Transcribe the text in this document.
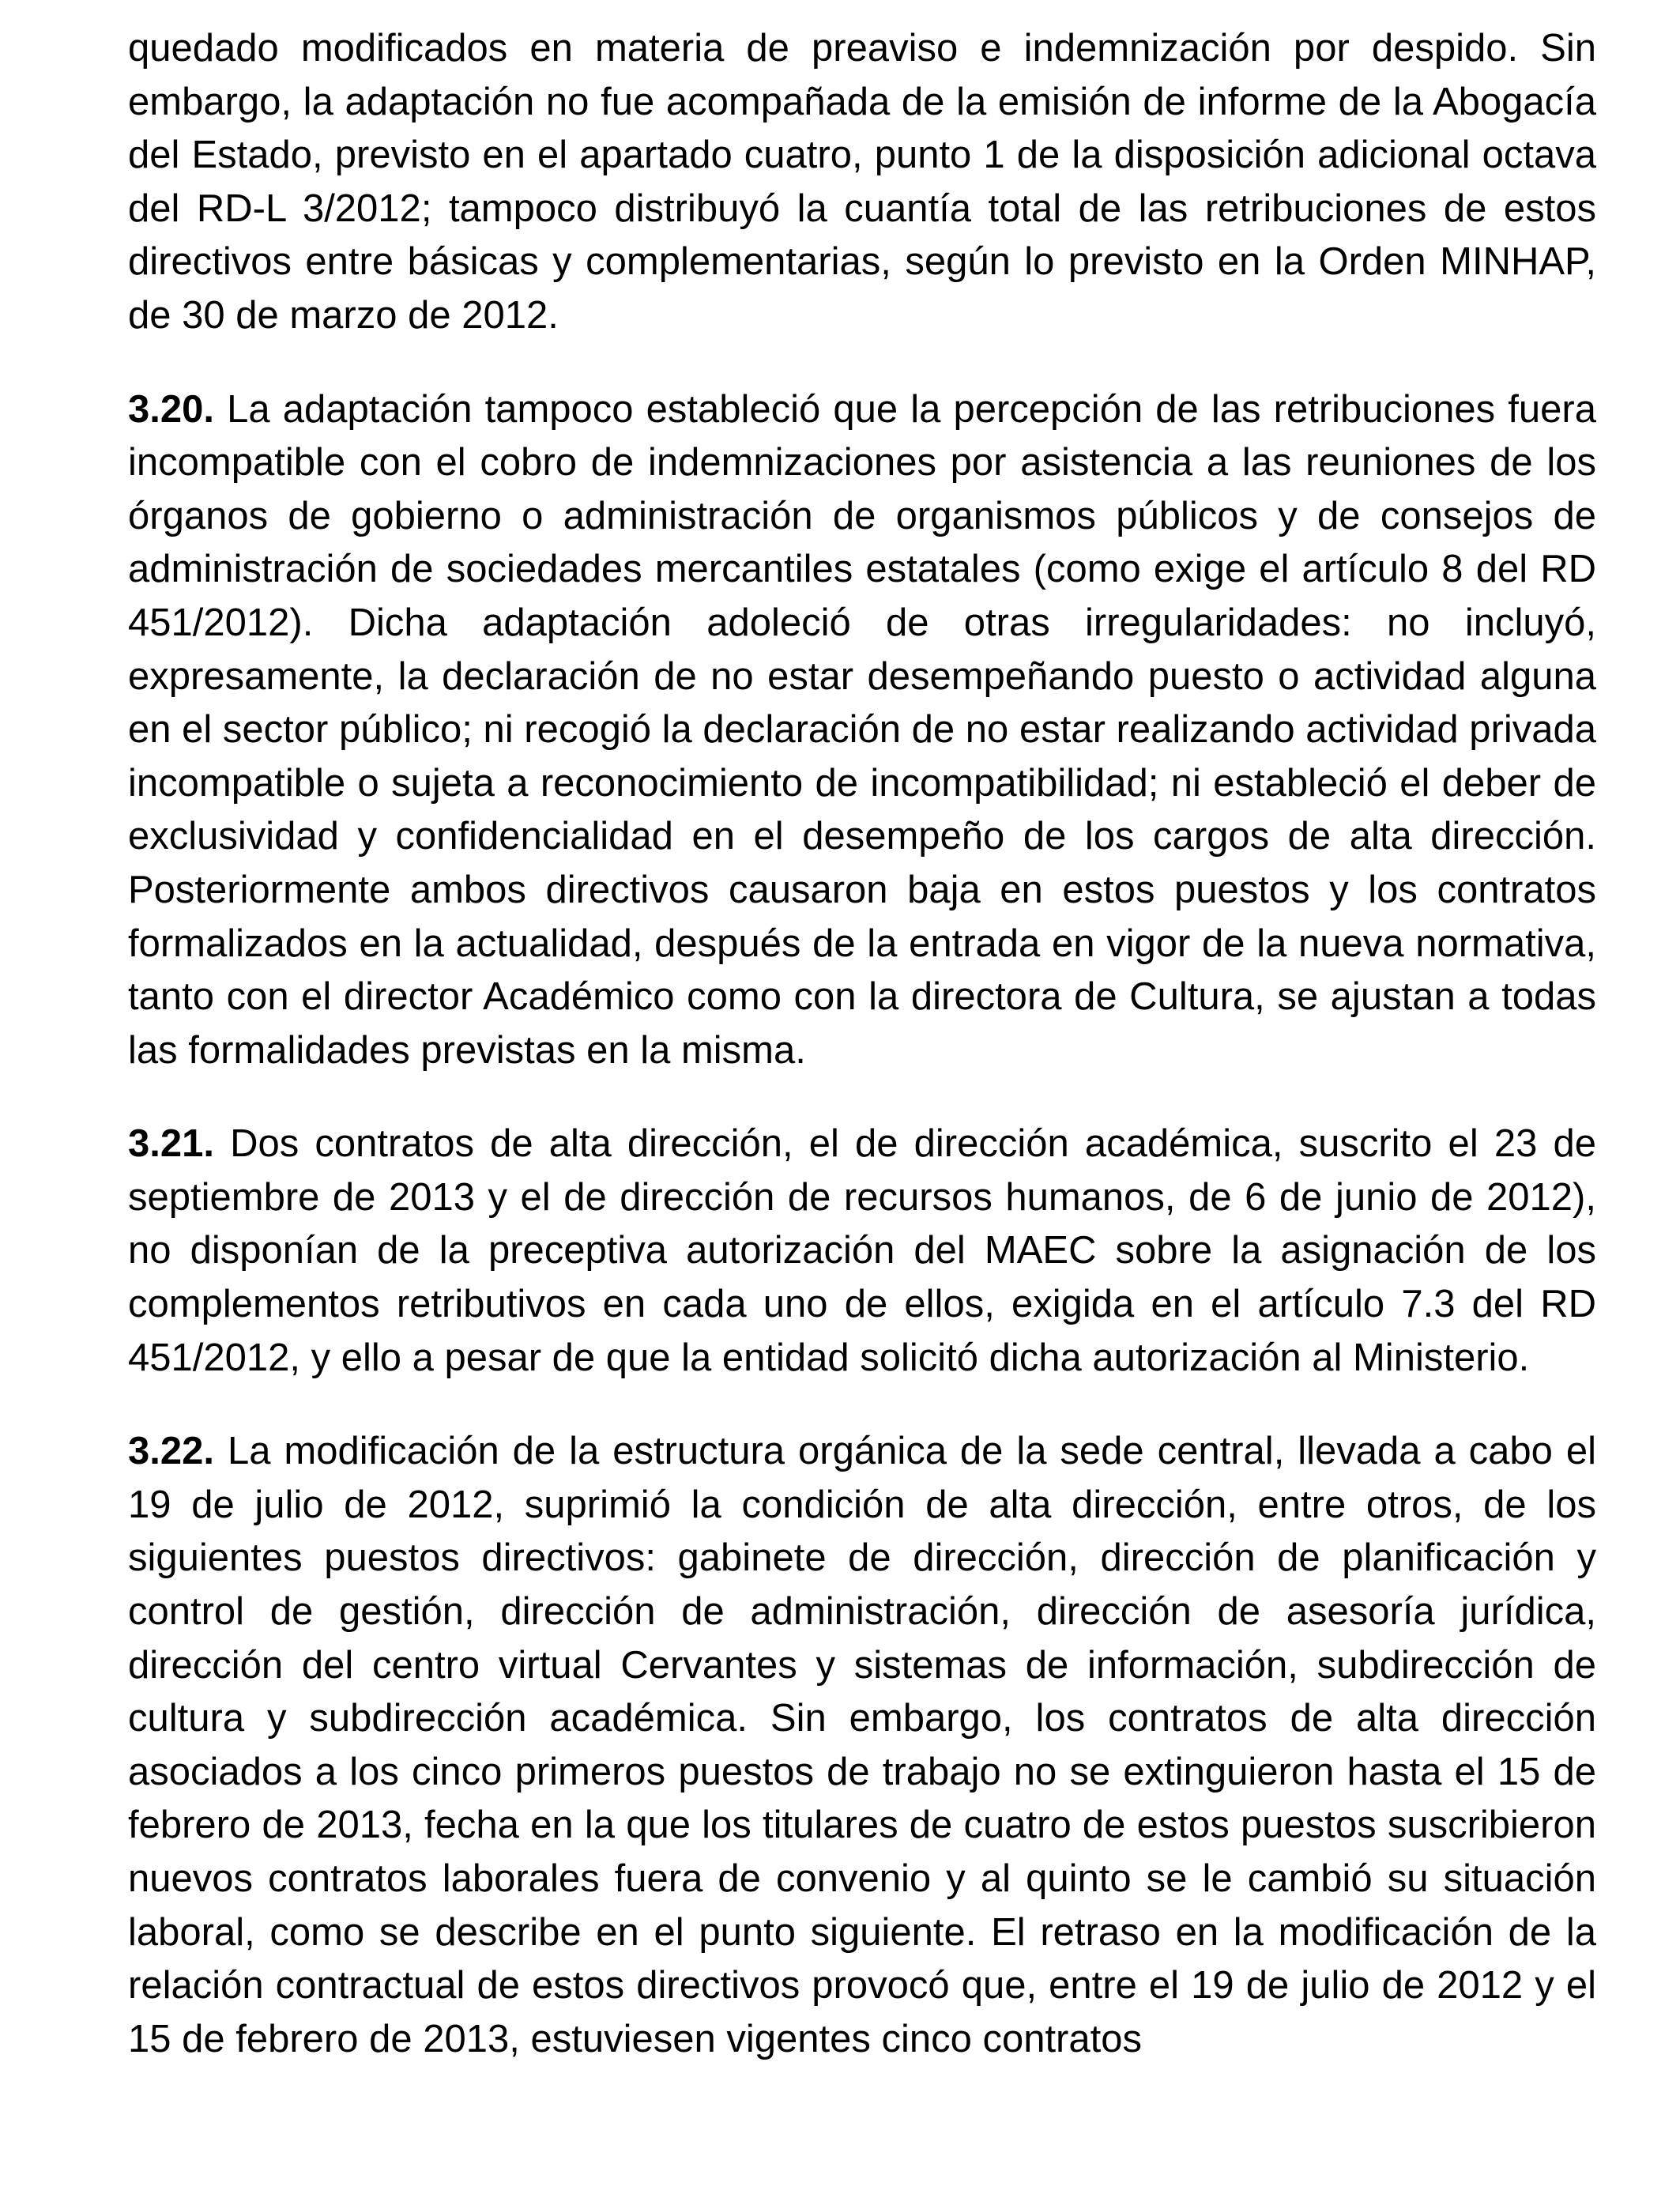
quedado modificados en materia de preaviso e indemnización por despido. Sin embargo, la adaptación no fue acompañada de la emisión de informe de la Abogacía del Estado, previsto en el apartado cuatro, punto 1 de la disposición adicional octava del RD-L 3/2012; tampoco distribuyó la cuantía total de las retribuciones de estos directivos entre básicas y complementarias, según lo previsto en la Orden MINHAP, de 30 de marzo de 2012.

3.20. La adaptación tampoco estableció que la percepción de las retribuciones fuera incompatible con el cobro de indemnizaciones por asistencia a las reuniones de los órganos de gobierno o administración de organismos públicos y de consejos de administración de sociedades mercantiles estatales (como exige el artículo 8 del RD 451/2012). Dicha adaptación adoleció de otras irregularidades: no incluyó, expresamente, la declaración de no estar desempeñando puesto o actividad alguna en el sector público; ni recogió la declaración de no estar realizando actividad privada incompatible o sujeta a reconocimiento de incompatibilidad; ni estableció el deber de exclusividad y confidencialidad en el desempeño de los cargos de alta dirección. Posteriormente ambos directivos causaron baja en estos puestos y los contratos formalizados en la actualidad, después de la entrada en vigor de la nueva normativa, tanto con el director Académico como con la directora de Cultura, se ajustan a todas las formalidades previstas en la misma.

3.21. Dos contratos de alta dirección, el de dirección académica, suscrito el 23 de septiembre de 2013 y el de dirección de recursos humanos, de 6 de junio de 2012), no disponían de la preceptiva autorización del MAEC sobre la asignación de los complementos retributivos en cada uno de ellos, exigida en el artículo 7.3 del RD 451/2012, y ello a pesar de que la entidad solicitó dicha autorización al Ministerio.

3.22. La modificación de la estructura orgánica de la sede central, llevada a cabo el 19 de julio de 2012, suprimió la condición de alta dirección, entre otros, de los siguientes puestos directivos: gabinete de dirección, dirección de planificación y control de gestión, dirección de administración, dirección de asesoría jurídica, dirección del centro virtual Cervantes y sistemas de información, subdirección de cultura y subdirección académica. Sin embargo, los contratos de alta dirección asociados a los cinco primeros puestos de trabajo no se extinguieron hasta el 15 de febrero de 2013, fecha en la que los titulares de cuatro de estos puestos suscribieron nuevos contratos laborales fuera de convenio y al quinto se le cambió su situación laboral, como se describe en el punto siguiente. El retraso en la modificación de la relación contractual de estos directivos provocó que, entre el 19 de julio de 2012 y el 15 de febrero de 2013, estuviesen vigentes cinco contratos
